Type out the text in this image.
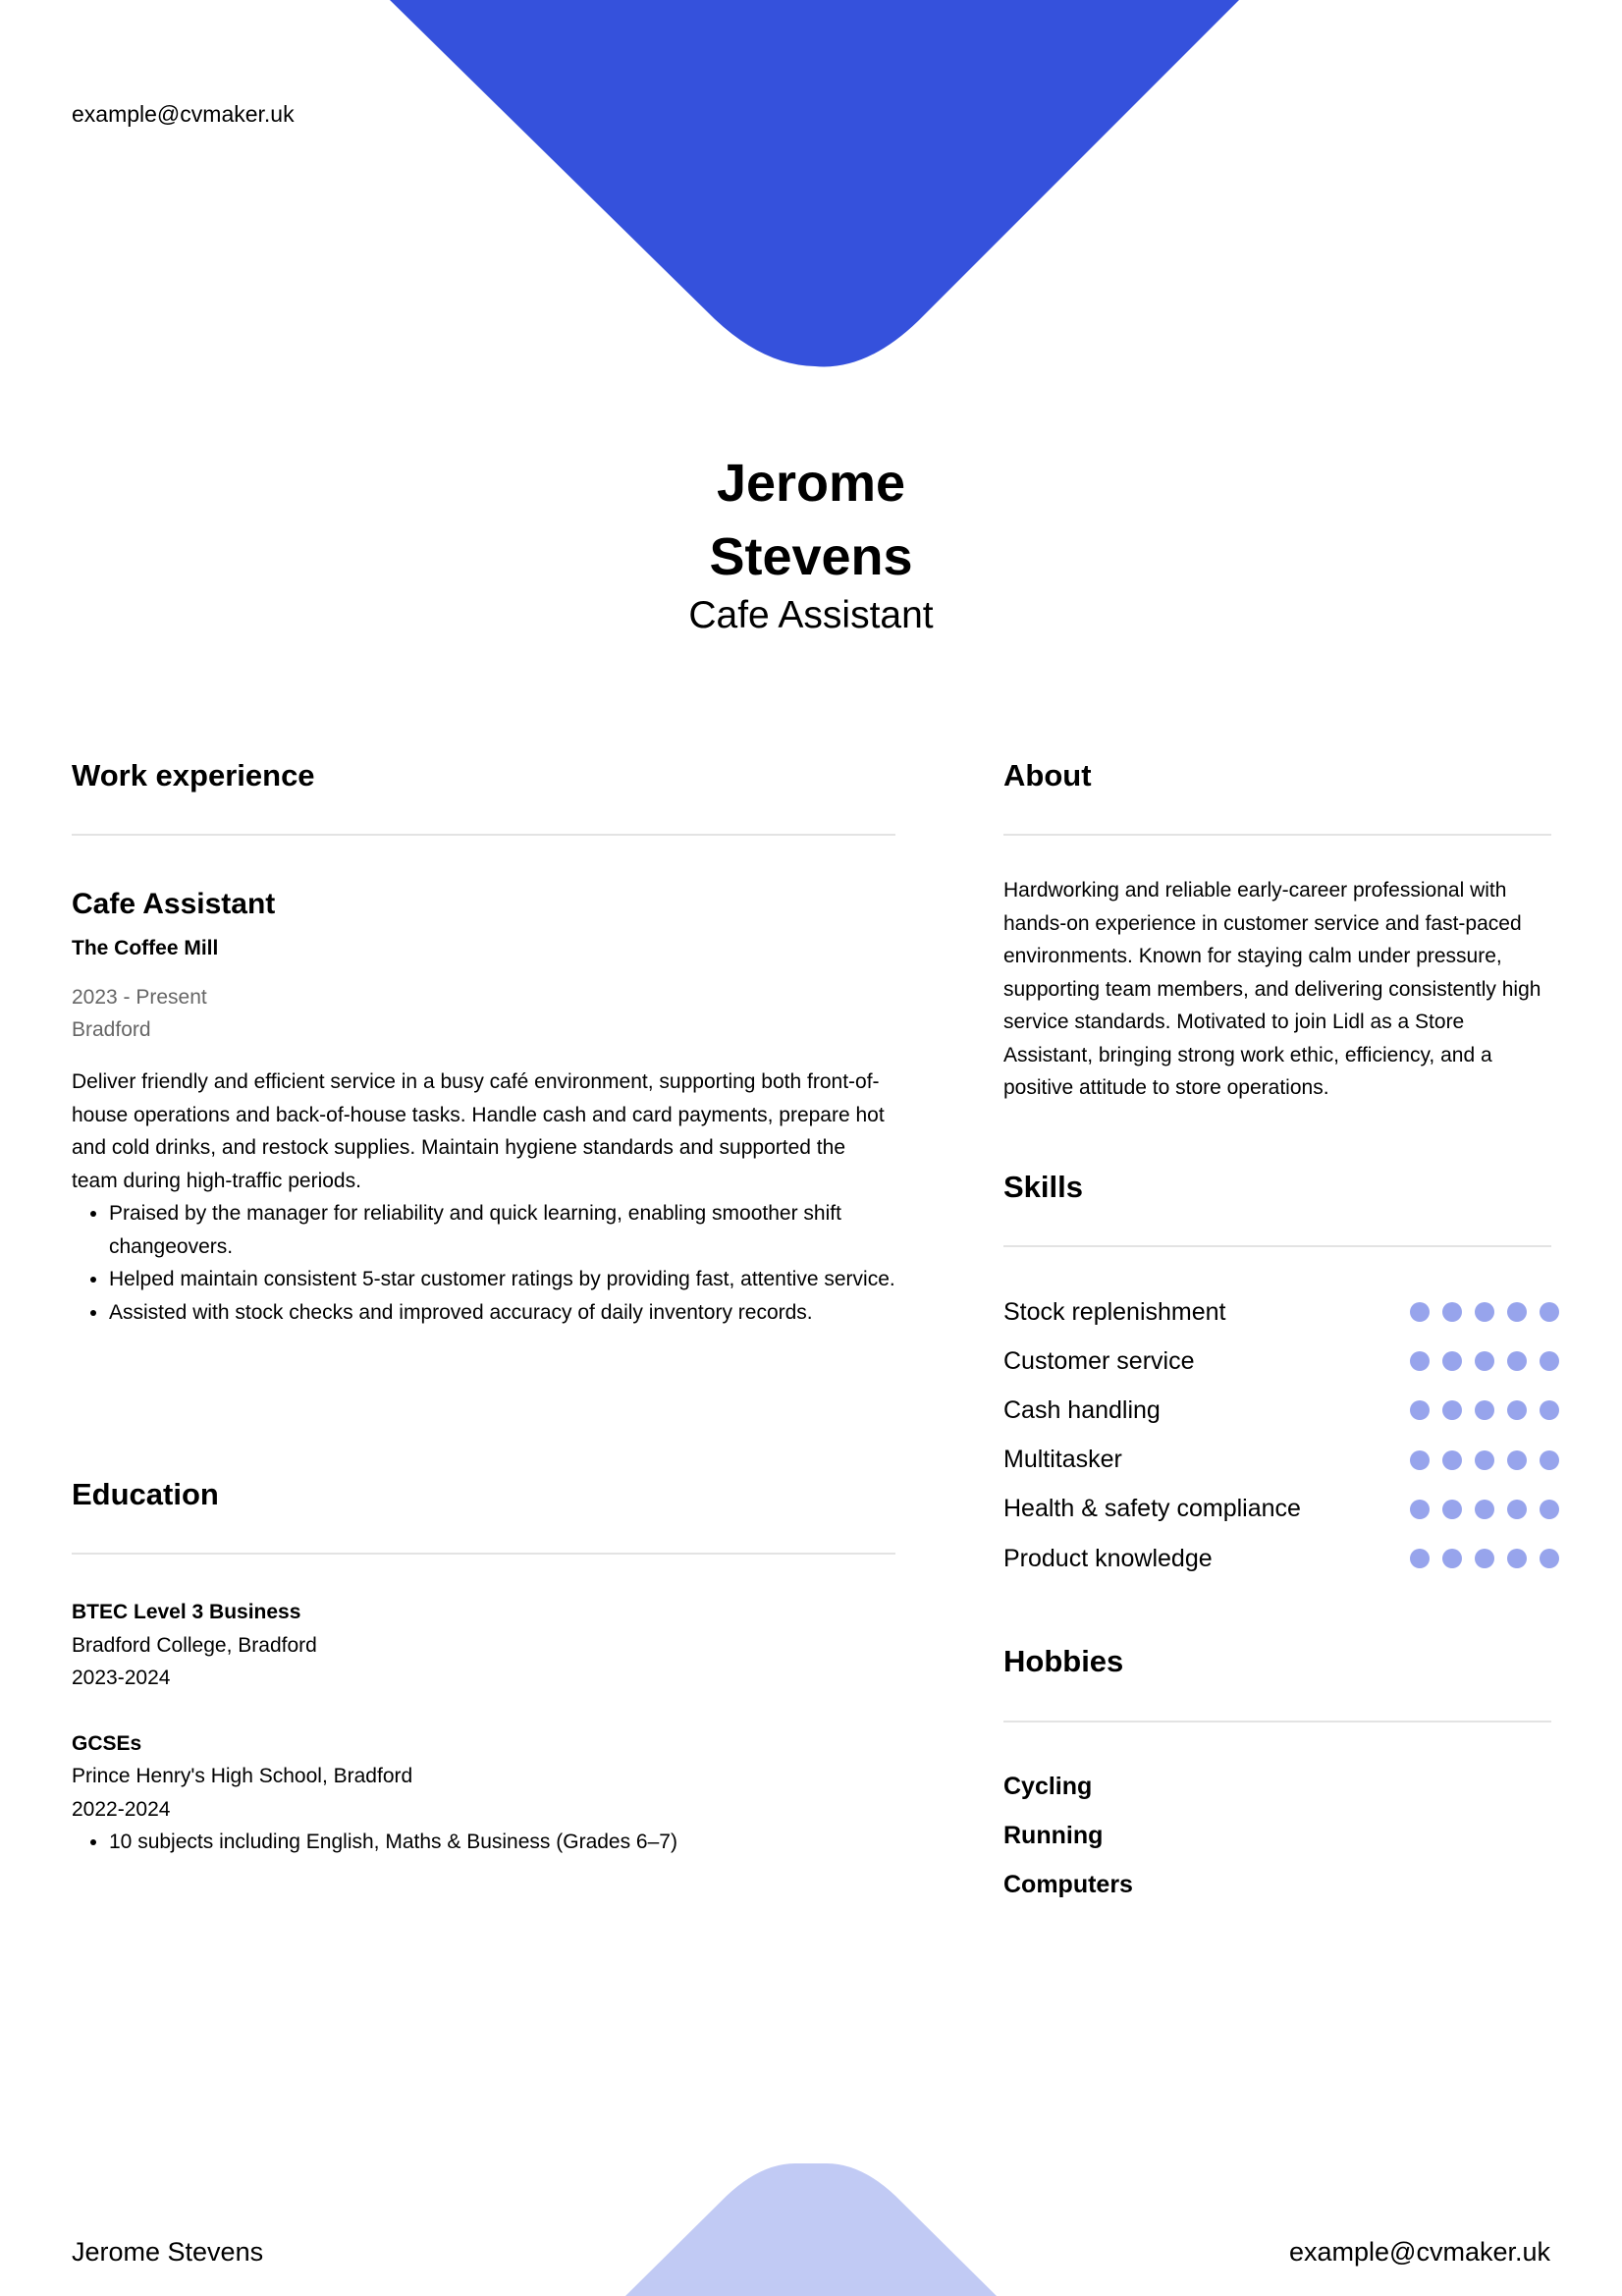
example@cvmaker.uk
Jerome
Stevens
Cafe Assistant
Work experience
Cafe Assistant
The Coffee Mill
2023 - Present
Bradford
Deliver friendly and efficient service in a busy café environment, supporting both front-of-house operations and back-of-house tasks. Handle cash and card payments, prepare hot and cold drinks, and restock supplies. Maintain hygiene standards and supported the team during high-traffic periods.
• Praised by the manager for reliability and quick learning, enabling smoother shift changeovers.
• Helped maintain consistent 5-star customer ratings by providing fast, attentive service.
• Assisted with stock checks and improved accuracy of daily inventory records.
Education
BTEC Level 3 Business
Bradford College, Bradford
2023-2024
GCSEs
Prince Henry's High School, Bradford
2022-2024
• 10 subjects including English, Maths & Business (Grades 6–7)
About
Hardworking and reliable early-career professional with hands-on experience in customer service and fast-paced environments. Known for staying calm under pressure, supporting team members, and delivering consistently high service standards. Motivated to join Lidl as a Store Assistant, bringing strong work ethic, efficiency, and a positive attitude to store operations.
Skills
Stock replenishment
Customer service
Cash handling
Multitasker
Health & safety compliance
Product knowledge
Hobbies
Cycling
Running
Computers
Jerome Stevens	example@cvmaker.uk
